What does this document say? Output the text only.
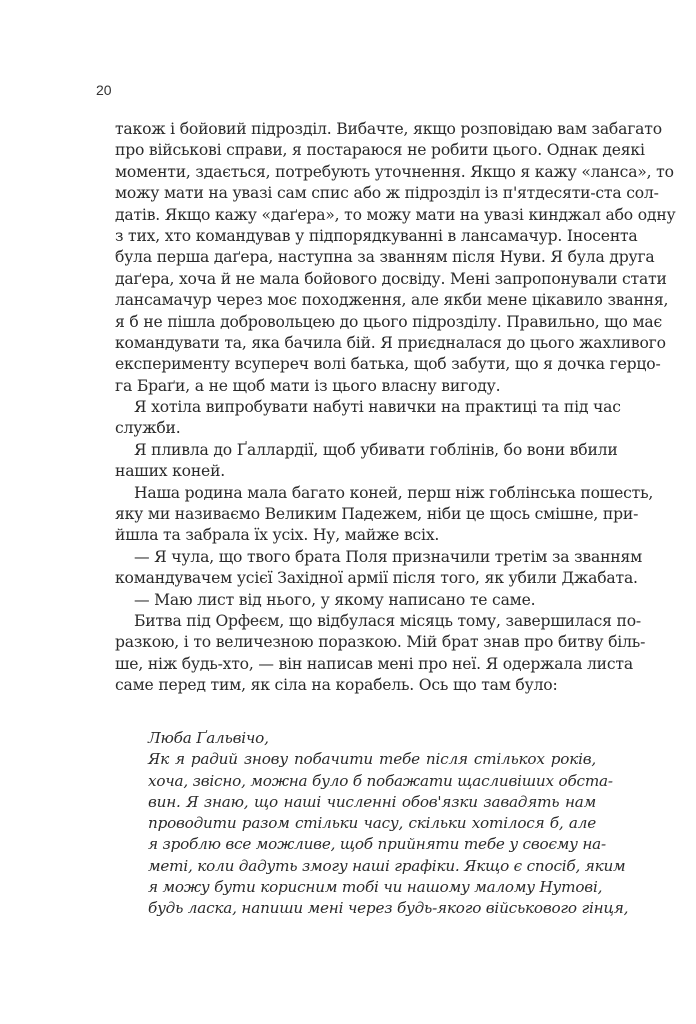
20
також і бойовий підрозділ. Вибачте, якщо розповідаю вам забагато
про військові справи, я постараюся не робити цього. Однак деякі
моменти, здається, потребують уточнення. Якщо я кажу «ланса», то
можу мати на увазі сам спис або ж підрозділ із п'ятдесяти-ста сол-
датів. Якщо кажу «даґера», то можу мати на увазі кинджал або одну
з тих, хто командував у підпорядкуванні в лансамачур. Іносента
була перша даґера, наступна за званням після Нуви. Я була друга
даґера, хоча й не мала бойового досвіду. Мені запропонували стати
лансамачур через моє походження, але якби мене цікавило звання,
я б не пішла добровольцею до цього підрозділу. Правильно, що має
командувати та, яка бачила бій. Я приєдналася до цього жахливого
експерименту всупереч волі батька, щоб забути, що я дочка герцо-
га Браґи, а не щоб мати із цього власну вигоду.
Я хотіла випробувати набуті навички на практиці та під час
служби.
Я пливла до Ґаллардії, щоб убивати гоблінів, бо вони вбили
наших коней.
Наша родина мала багато коней, перш ніж гоблінська пошесть,
яку ми називаємо Великим Падежем, ніби це щось смішне, при-
йшла та забрала їх усіх. Ну, майже всіх.
— Я чула, що твого брата Поля призначили третім за званням
командувачем усієї Західної армії після того, як убили Джабата.
— Маю лист від нього, у якому написано те саме.
Битва під Орфеєм, що відбулася місяць тому, завершилася по-
разкою, і то величезною поразкою. Мій брат знав про битву біль-
ше, ніж будь-хто, — він написав мені про неї. Я одержала листа
саме перед тим, як сіла на корабель. Ось що там було:
Люба Ґальвічо,
Як я радий знову побачити тебе після стількох років,
хоча, звісно, можна було б побажати щасливіших обста-
вин. Я знаю, що наші численні обов'язки завадять нам
проводити разом стільки часу, скільки хотілося б, але
я зроблю все можливе, щоб прийняти тебе у своєму на-
меті, коли дадуть змогу наші графіки. Якщо є спосіб, яким
я можу бути корисним тобі чи нашому малому Нутові,
будь ласка, напиши мені через будь-якого військового гінця,
